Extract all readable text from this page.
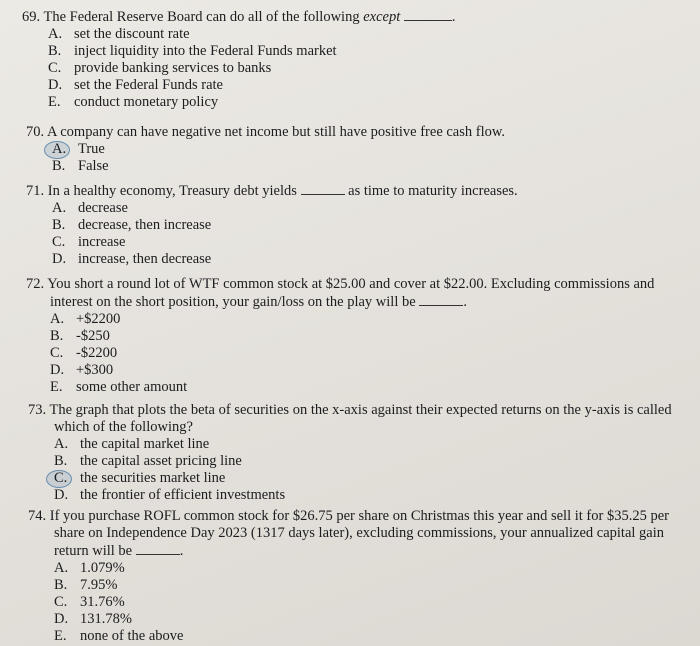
69. The Federal Reserve Board can do all of the following except	.
A. set the discount rate
B. inject liquidity into the Federal Funds market
C. provide banking services to banks
D. set the Federal Funds rate
E. conduct monetary policy
70. A company can have negative net income but still have positive free cash flow.
A. True
B. False
71. In a healthy economy, Treasury debt yields	as time to maturity increases.
A. decrease
B. decrease, then increase
C. increase
D. increase, then decrease
72. You short a round lot of WTF common stock at $25.00 and cover at $22.00. Excluding commissions and
interest on the short position, your gain/loss on the play will be	.
A. +$2200
B. -$250
C. -$2200
D. +$300
E. some other amount
73. The graph that plots the beta of securities on the x-axis against their expected returns on the y-axis is called
which of the following?
A. the capital market line
B. the capital asset pricing line
C. the securities market line
D. the frontier of efficient investments
74. If you purchase ROFL common stock for $26.75 per share on Christmas this year and sell it for $35.25 per
share on Independence Day 2023 (1317 days later), excluding commissions, your annualized capital gain
return will be	.
A. 1.079%
B. 7.95%
C. 31.76%
D. 131.78%
E. none of the above
